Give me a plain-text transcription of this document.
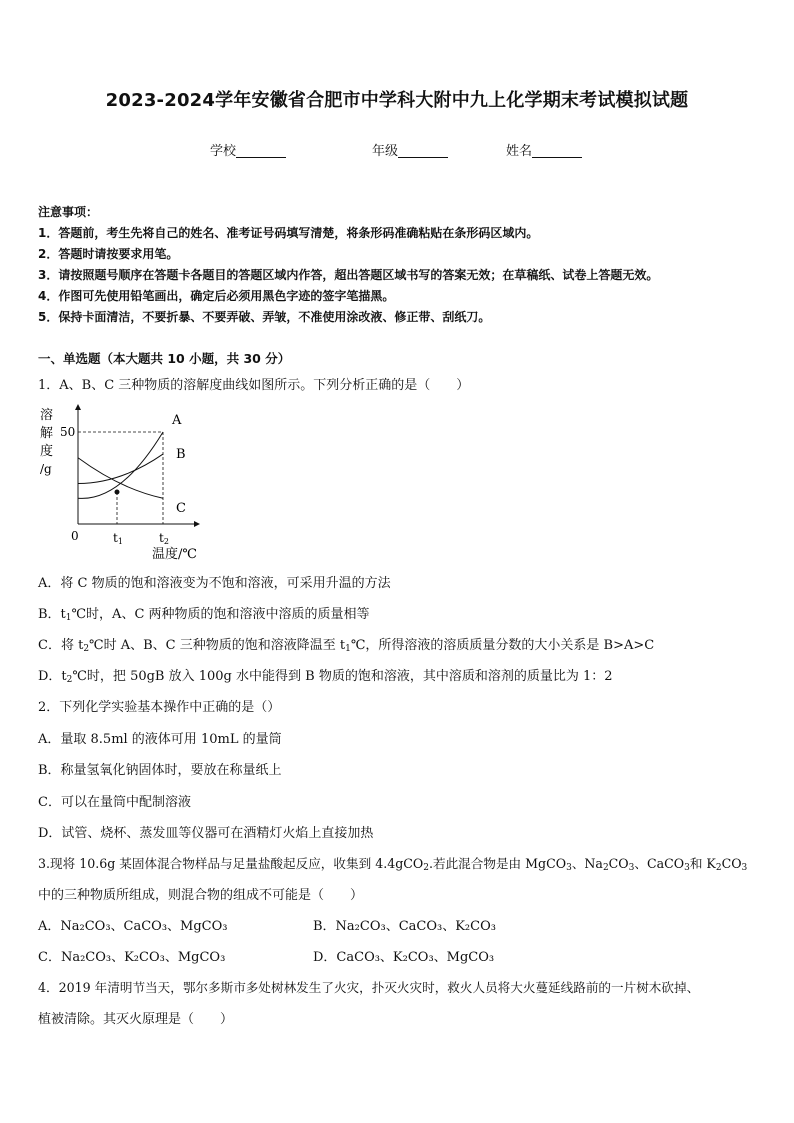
2023-2024学年安徽省合肥市中学科大附中九上化学期末考试模拟试题
学校	年级	姓名
注意事项：
1．答题前，考生先将自己的姓名、准考证号码填写清楚，将条形码准确粘贴在条形码区域内。
2．答题时请按要求用笔。
3．请按照题号顺序在答题卡各题目的答题区域内作答，超出答题区域书写的答案无效；在草稿纸、试卷上答题无效。
4．作图可先使用铅笔画出，确定后必须用黑色字迹的签字笔描黑。
5．保持卡面清洁，不要折暴、不要弄破、弄皱，不准使用涂改液、修正带、刮纸刀。
一、单选题（本大题共 10 小题，共 30 分）
1．A、B、C 三种物质的溶解度曲线如图所示。下列分析正确的是（　　）
溶
解
度
/g
50
0	t1	t2
温度/℃
A
B
C
A．将 C 物质的饱和溶液变为不饱和溶液，可采用升温的方法
B．$t_1℃$时，A、C 两种物质的饱和溶液中溶质的质量相等
C．将 $t_2℃$时 A、B、C 三种物质的饱和溶液降温至 $t_1℃$，所得溶液的溶质质量分数的大小关系是 B>A>C
D．$t_2℃$时，把 50gB 放入 100g 水中能得到 B 物质的饱和溶液，其中溶质和溶剂的质量比为 1：2
2．下列化学实验基本操作中正确的是（）
A．量取 8.5ml 的液体可用 10mL 的量筒
B．称量氢氧化钠固体时，要放在称量纸上
C．可以在量筒中配制溶液
D．试管、烧杯、蒸发皿等仪器可在酒精灯火焰上直接加热
3.现将 10.6g 某固体混合物样品与足量盐酸起反应，收集到 4.4gCO$_2$.若此混合物是由 MgCO$_3$、$Na_2CO_3$、CaCO$_3$和 $K_2CO_3$
中的三种物质所组成，则混合物的组成不可能是（　　）
A．Na₂CO₃、CaCO₃、MgCO₃	B．Na₂CO₃、CaCO₃、K₂CO₃
C．Na₂CO₃、K₂CO₃、MgCO₃	D．CaCO₃、K₂CO₃、MgCO₃
4．2019 年清明节当天，鄂尔多斯市多处树林发生了火灾，扑灭火灾时，救火人员将大火蔓延线路前的一片树木砍掉、
植被清除。其灭火原理是（　　）
